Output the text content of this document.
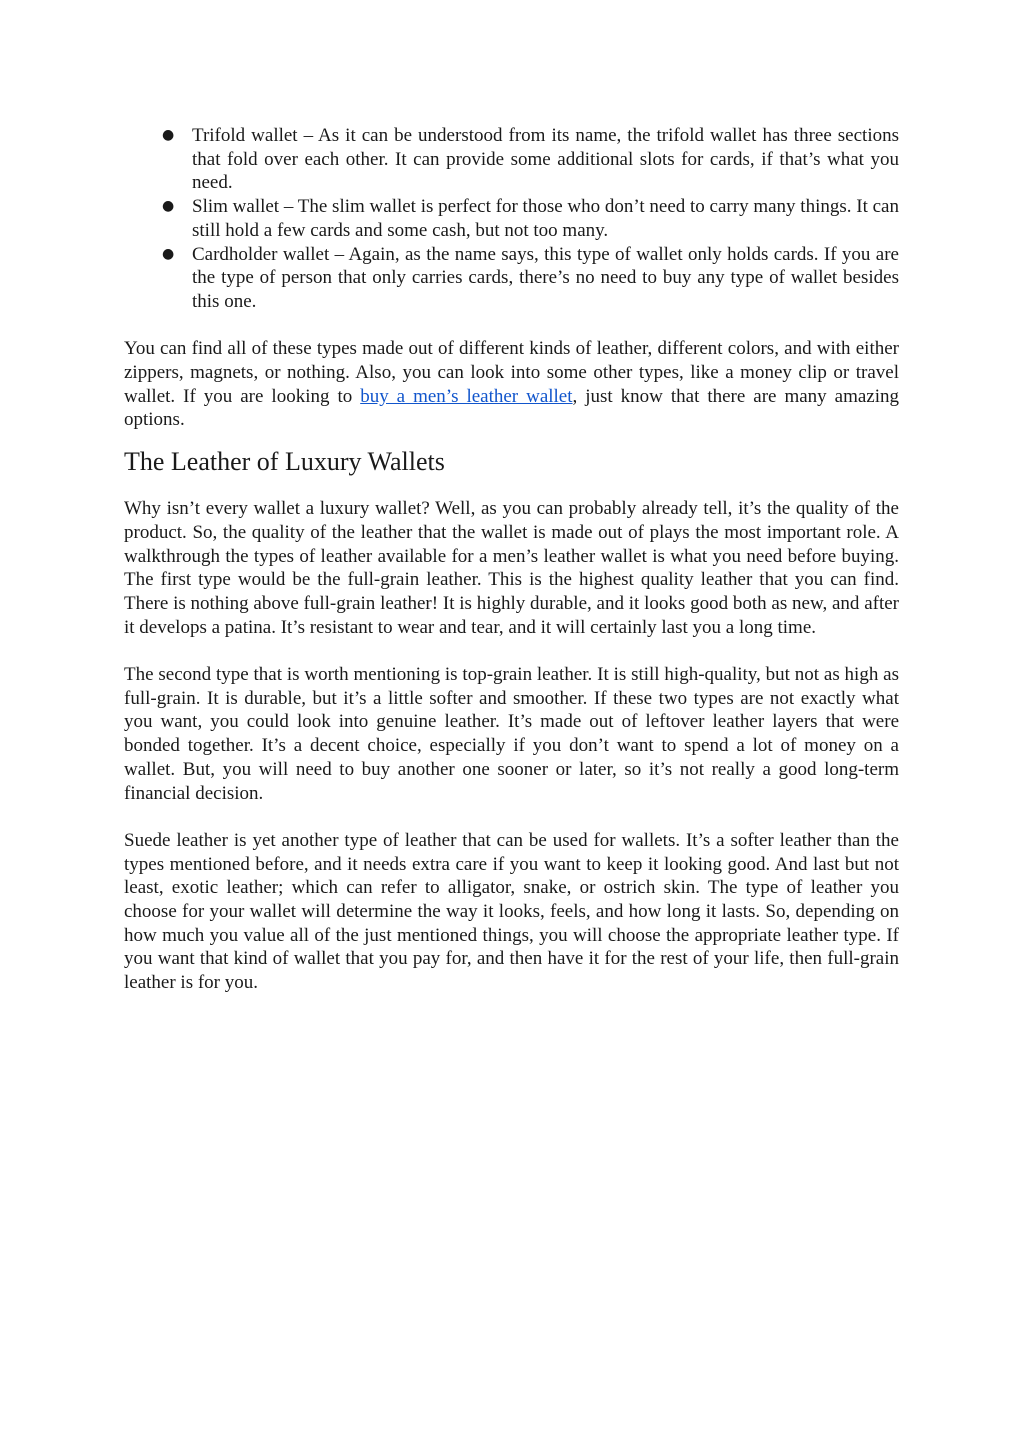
● Trifold wallet – As it can be understood from its name, the trifold wallet has three sections that fold over each other. It can provide some additional slots for cards, if that’s what you need.
● Slim wallet – The slim wallet is perfect for those who don’t need to carry many things. It can still hold a few cards and some cash, but not too many.
● Cardholder wallet – Again, as the name says, this type of wallet only holds cards. If you are the type of person that only carries cards, there’s no need to buy any type of wallet besides this one.

You can find all of these types made out of different kinds of leather, different colors, and with either zippers, magnets, or nothing. Also, you can look into some other types, like a money clip or travel wallet. If you are looking to buy a men’s leather wallet, just know that there are many amazing options.

The Leather of Luxury Wallets

Why isn’t every wallet a luxury wallet? Well, as you can probably already tell, it’s the quality of the product. So, the quality of the leather that the wallet is made out of plays the most important role. A walkthrough the types of leather available for a men’s leather wallet is what you need before buying. The first type would be the full-grain leather. This is the highest quality leather that you can find. There is nothing above full-grain leather! It is highly durable, and it looks good both as new, and after it develops a patina. It’s resistant to wear and tear, and it will certainly last you a long time.

The second type that is worth mentioning is top-grain leather. It is still high-quality, but not as high as full-grain. It is durable, but it’s a little softer and smoother. If these two types are not exactly what you want, you could look into genuine leather. It’s made out of leftover leather layers that were bonded together. It’s a decent choice, especially if you don’t want to spend a lot of money on a wallet. But, you will need to buy another one sooner or later, so it’s not really a good long-term financial decision.

Suede leather is yet another type of leather that can be used for wallets. It’s a softer leather than the types mentioned before, and it needs extra care if you want to keep it looking good. And last but not least, exotic leather; which can refer to alligator, snake, or ostrich skin. The type of leather you choose for your wallet will determine the way it looks, feels, and how long it lasts. So, depending on how much you value all of the just mentioned things, you will choose the appropriate leather type. If you want that kind of wallet that you pay for, and then have it for the rest of your life, then full-grain leather is for you.
